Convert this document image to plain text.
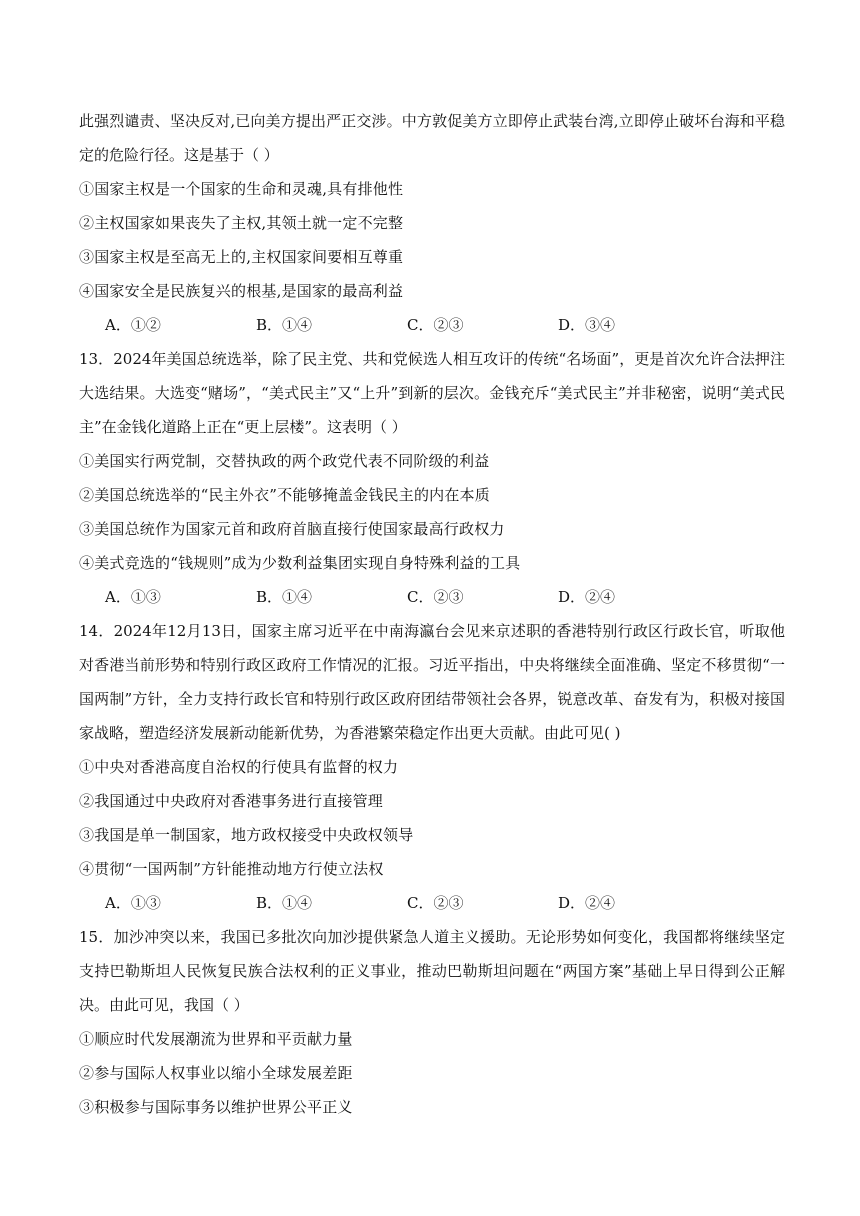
此强烈谴责、坚决反对,已向美方提出严正交涉。中方敦促美方立即停止武装台湾,立即停止破坏台海和平稳
定的危险行径。这是基于（ ）
①国家主权是一个国家的生命和灵魂,具有排他性
②主权国家如果丧失了主权,其领土就一定不完整
③国家主权是至高无上的,主权国家间要相互尊重
④国家安全是民族复兴的根基,是国家的最高利益
A．①②	B．①④	C．②③	D．③④
13．2024年美国总统选举，除了民主党、共和党候选人相互攻讦的传统“名场面”，更是首次允许合法押注
大选结果。大选变“赌场”，“美式民主”又“上升”到新的层次。金钱充斥“美式民主”并非秘密，说明“美式民
主”在金钱化道路上正在“更上层楼”。这表明（ ）
①美国实行两党制，交替执政的两个政党代表不同阶级的利益
②美国总统选举的“民主外衣”不能够掩盖金钱民主的内在本质
③美国总统作为国家元首和政府首脑直接行使国家最高行政权力
④美式竞选的“钱规则”成为少数利益集团实现自身特殊利益的工具
A．①③	B．①④	C．②③	D．②④
14．2024年12月13日，国家主席习近平在中南海瀛台会见来京述职的香港特别行政区行政长官，听取他
对香港当前形势和特别行政区政府工作情况的汇报。习近平指出，中央将继续全面准确、坚定不移贯彻“一
国两制”方针，全力支持行政长官和特别行政区政府团结带领社会各界，锐意改革、奋发有为，积极对接国
家战略，塑造经济发展新动能新优势，为香港繁荣稳定作出更大贡献。由此可见( )
①中央对香港高度自治权的行使具有监督的权力
②我国通过中央政府对香港事务进行直接管理
③我国是单一制国家，地方政权接受中央政权领导
④贯彻“一国两制”方针能推动地方行使立法权
A．①③	B．①④	C．②③	D．②④
15．加沙冲突以来，我国已多批次向加沙提供紧急人道主义援助。无论形势如何变化，我国都将继续坚定
支持巴勒斯坦人民恢复民族合法权利的正义事业，推动巴勒斯坦问题在“两国方案”基础上早日得到公正解
决。由此可见，我国（ ）
①顺应时代发展潮流为世界和平贡献力量
②参与国际人权事业以缩小全球发展差距
③积极参与国际事务以维护世界公平正义
